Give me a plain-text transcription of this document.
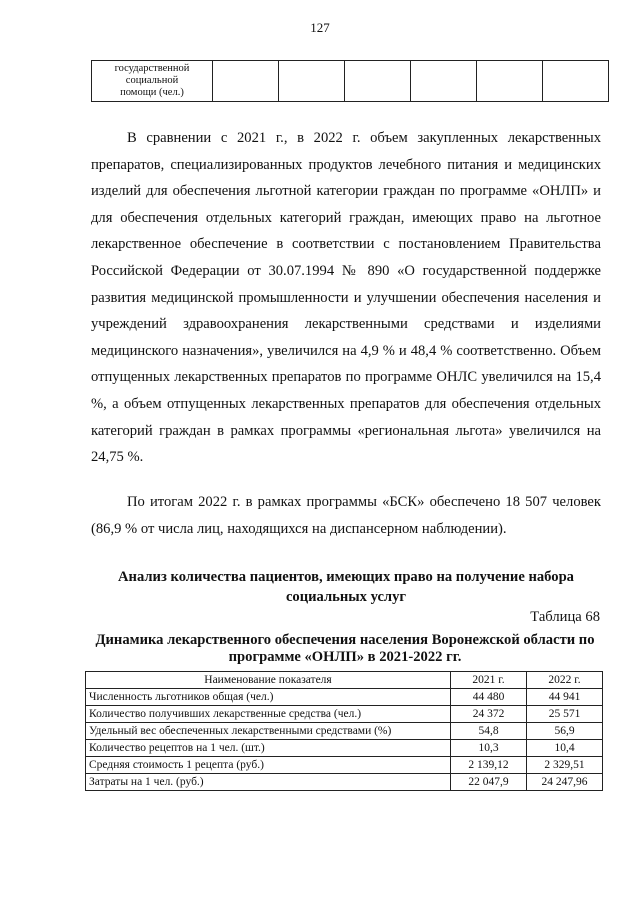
127
государственной
социальной
помощи (чел.)						

В сравнении с 2021 г., в 2022 г. объем закупленных лекарственных препаратов, специализированных продуктов лечебного питания и медицинских изделий для обеспечения льготной категории граждан по программе «ОНЛП» и для обеспечения отдельных категорий граждан, имеющих право на льготное лекарственное обеспечение в соответствии с постановлением Правительства Российской Федерации от 30.07.1994 № 890 «О государственной поддержке развития медицинской промышленности и улучшении обеспечения населения и учреждений здравоохранения лекарственными средствами и изделиями медицинского назначения», увеличился на 4,9 % и 48,4 % соответственно. Объем отпущенных лекарственных препаратов по программе ОНЛС увеличился на 15,4 %, а объем отпущенных лекарственных препаратов для обеспечения отдельных категорий граждан в рамках программы «региональная льгота» увеличился на 24,75 %.

По итогам 2022 г. в рамках программы «БСК» обеспечено 18 507 человек (86,9 % от числа лиц, находящихся на диспансерном наблюдении).

Анализ количества пациентов, имеющих право на получение набора социальных услуг
Таблица 68
Динамика лекарственного обеспечения населения Воронежской области по программе «ОНЛП» в 2021-2022 гг.
Наименование показателя	2021 г.	2022 г.
Численность льготников общая (чел.)	44 480	44 941
Количество получивших лекарственные средства (чел.)	24 372	25 571
Удельный вес обеспеченных лекарственными средствами (%)	54,8	56,9
Количество рецептов на 1 чел. (шт.)	10,3	10,4
Средняя стоимость 1 рецепта (руб.)	2 139,12	2 329,51
Затраты на 1 чел. (руб.)	22 047,9	24 247,96
